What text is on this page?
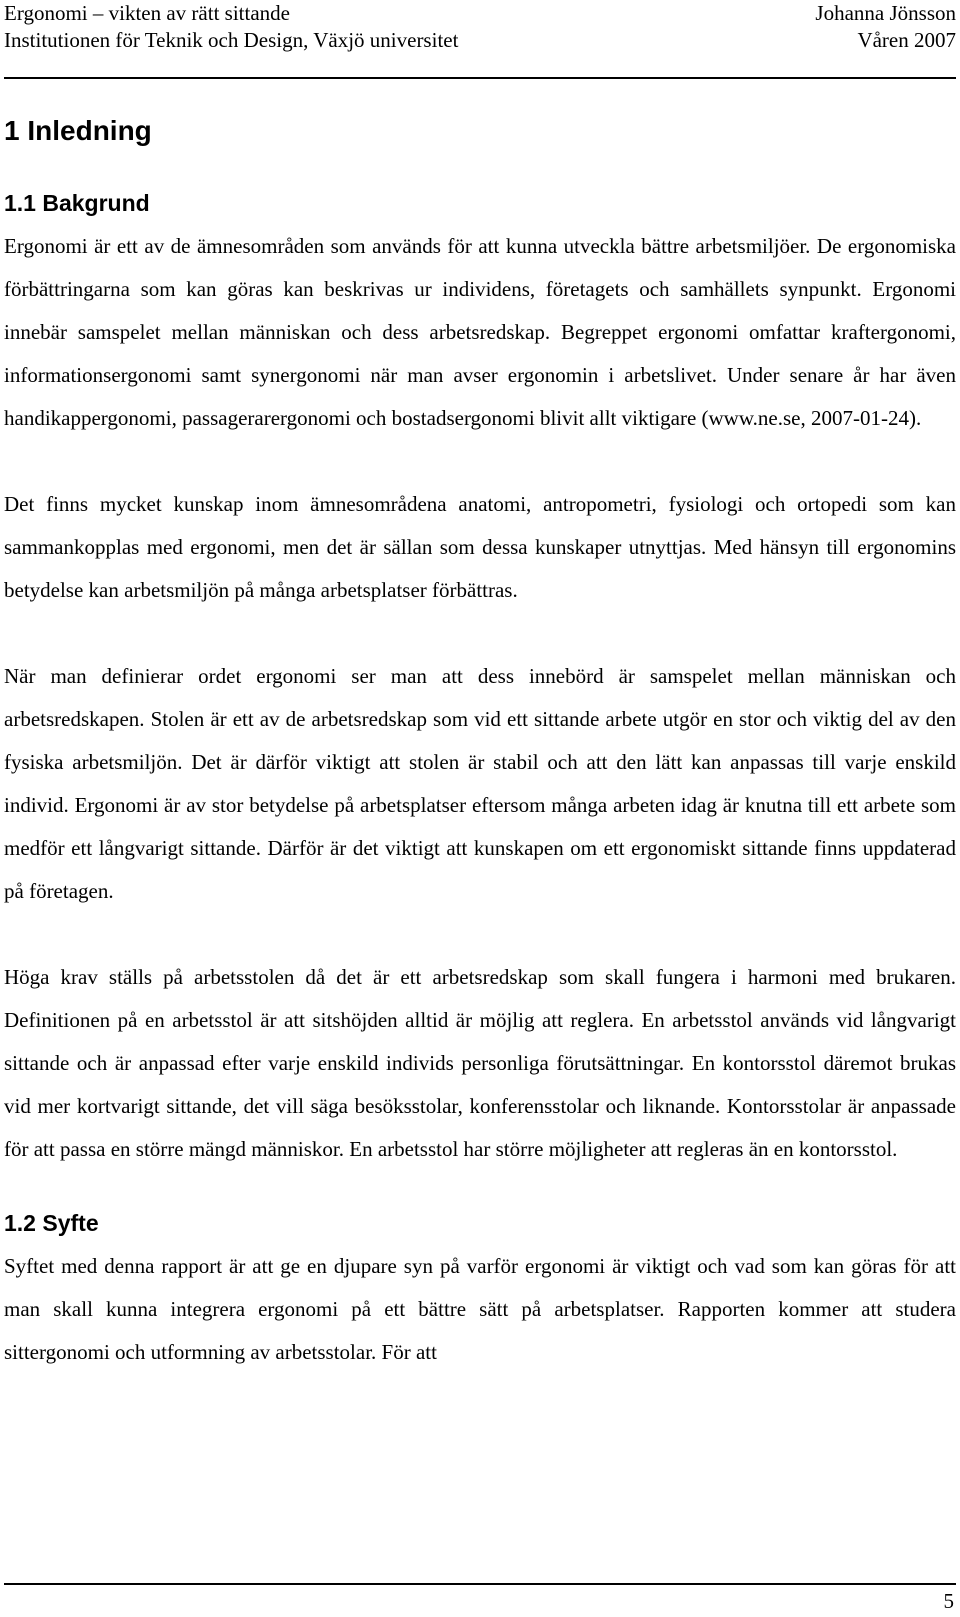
Ergonomi – vikten av rätt sittande	Johanna Jönsson
Institutionen för Teknik och Design, Växjö universitet	Våren 2007
1 Inledning
1.1 Bakgrund

Ergonomi är ett av de ämnesområden som används för att kunna utveckla bättre arbetsmiljöer. De ergonomiska förbättringarna som kan göras kan beskrivas ur individens, företagets och samhällets synpunkt. Ergonomi innebär samspelet mellan människan och dess arbetsredskap. Begreppet ergonomi omfattar kraftergonomi, informationsergonomi samt synergonomi när man avser ergonomin i arbetslivet. Under senare år har även handikappergonomi, passagerarergonomi och bostadsergonomi blivit allt viktigare (www.ne.se, 2007-01-24).

Det finns mycket kunskap inom ämnesområdena anatomi, antropometri, fysiologi och ortopedi som kan sammankopplas med ergonomi, men det är sällan som dessa kunskaper utnyttjas. Med hänsyn till ergonomins betydelse kan arbetsmiljön på många arbetsplatser förbättras.

När man definierar ordet ergonomi ser man att dess innebörd är samspelet mellan människan och arbetsredskapen. Stolen är ett av de arbetsredskap som vid ett sittande arbete utgör en stor och viktig del av den fysiska arbetsmiljön. Det är därför viktigt att stolen är stabil och att den lätt kan anpassas till varje enskild individ. Ergonomi är av stor betydelse på arbetsplatser eftersom många arbeten idag är knutna till ett arbete som medför ett långvarigt sittande. Därför är det viktigt att kunskapen om ett ergonomiskt sittande finns uppdaterad på företagen.

Höga krav ställs på arbetsstolen då det är ett arbetsredskap som skall fungera i harmoni med brukaren. Definitionen på en arbetsstol är att sitshöjden alltid är möjlig att reglera. En arbetsstol används vid långvarigt sittande och är anpassad efter varje enskild individs personliga förutsättningar. En kontorsstol däremot brukas vid mer kortvarigt sittande, det vill säga besöksstolar, konferensstolar och liknande. Kontorsstolar är anpassade för att passa en större mängd människor. En arbetsstol har större möjligheter att regleras än en kontorsstol.

1.2 Syfte

Syftet med denna rapport är att ge en djupare syn på varför ergonomi är viktigt och vad som kan göras för att man skall kunna integrera ergonomi på ett bättre sätt på arbetsplatser. Rapporten kommer att studera sittergonomi och utformning av arbetsstolar. För att

5
